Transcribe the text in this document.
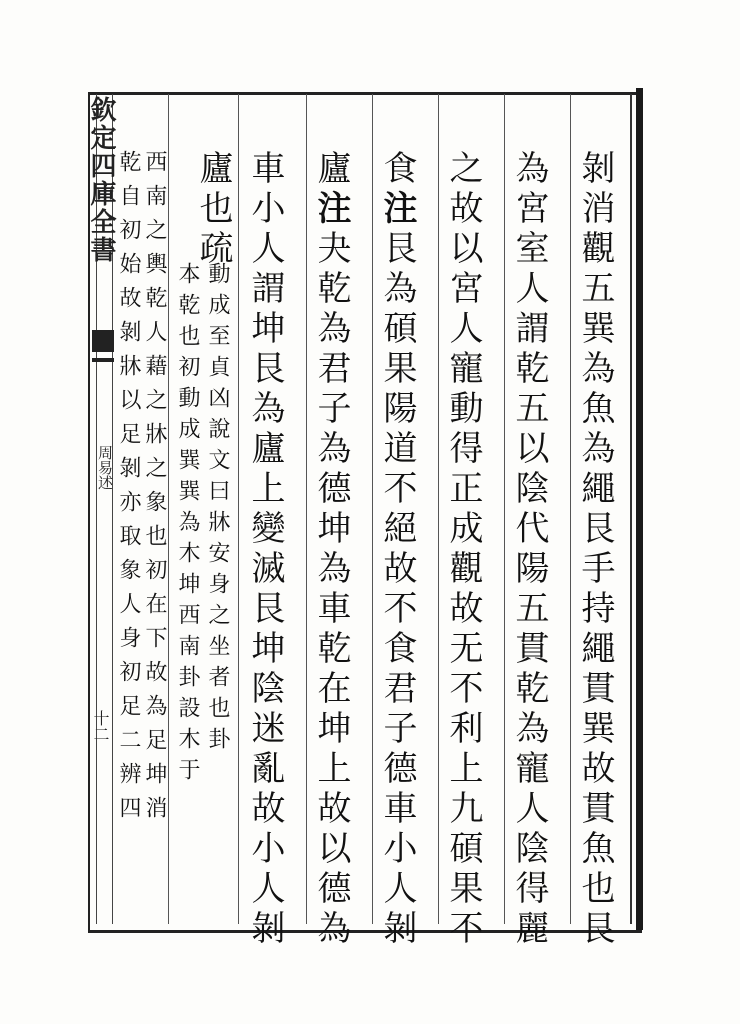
欽定四庫全書
周易述
十二	剝消觀五巽為魚為繩艮手持繩貫巽故貫魚也艮
為宮室人謂乾五以陰代陽五貫乾為寵人陰得麗
之故以宮人寵動得正成觀故无不利上九碩果不
食注艮為碩果陽道不絕故不食君子德車小人剝
廬注夬乾為君子為德坤為車乾在坤上故以德為
車小人謂坤艮為廬上變滅艮坤陰迷亂故小人剝
廬也疏
動成至貞凶說文曰牀安身之坐者也卦
本乾也初動成巽巽為木坤西南卦設木于
西南之輿乾人藉之牀之象也初在下故為足坤消
乾自初始故剝牀以足剝亦取象人身初足二辨四
